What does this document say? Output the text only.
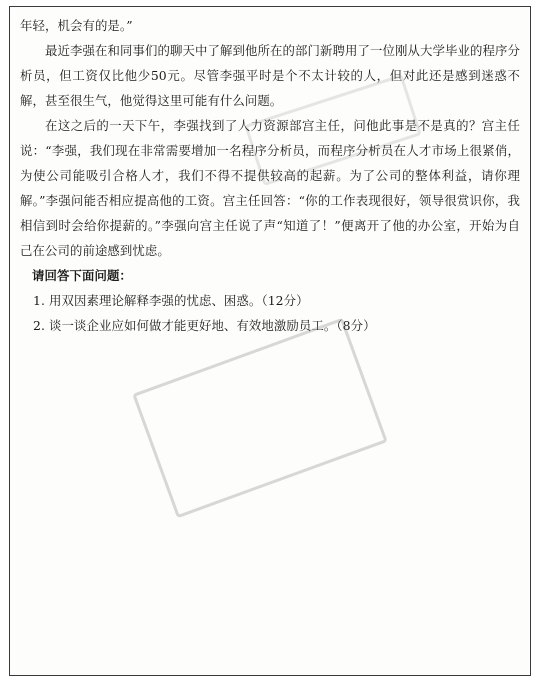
年轻，机会有的是。”

最近李强在和同事们的聊天中了解到他所在的部门新聘用了一位刚从大学毕业的程序分析员，但工资仅比他少50元。尽管李强平时是个不太计较的人，但对此还是感到迷惑不解，甚至很生气，他觉得这里可能有什么问题。

在这之后的一天下午，李强找到了人力资源部宫主任，问他此事是不是真的？宫主任说：“李强，我们现在非常需要增加一名程序分析员，而程序分析员在人才市场上很紧俏，为使公司能吸引合格人才，我们不得不提供较高的起薪。为了公司的整体利益，请你理解。”李强问能否相应提高他的工资。宫主任回答：“你的工作表现很好，领导很赏识你，我相信到时会给你提薪的。”李强向宫主任说了声“知道了！”便离开了他的办公室，开始为自己在公司的前途感到忧虑。

请回答下面问题：

1. 用双因素理论解释李强的忧虑、困惑。（12分）

2. 谈一谈企业应如何做才能更好地、有效地激励员工。（8分）
